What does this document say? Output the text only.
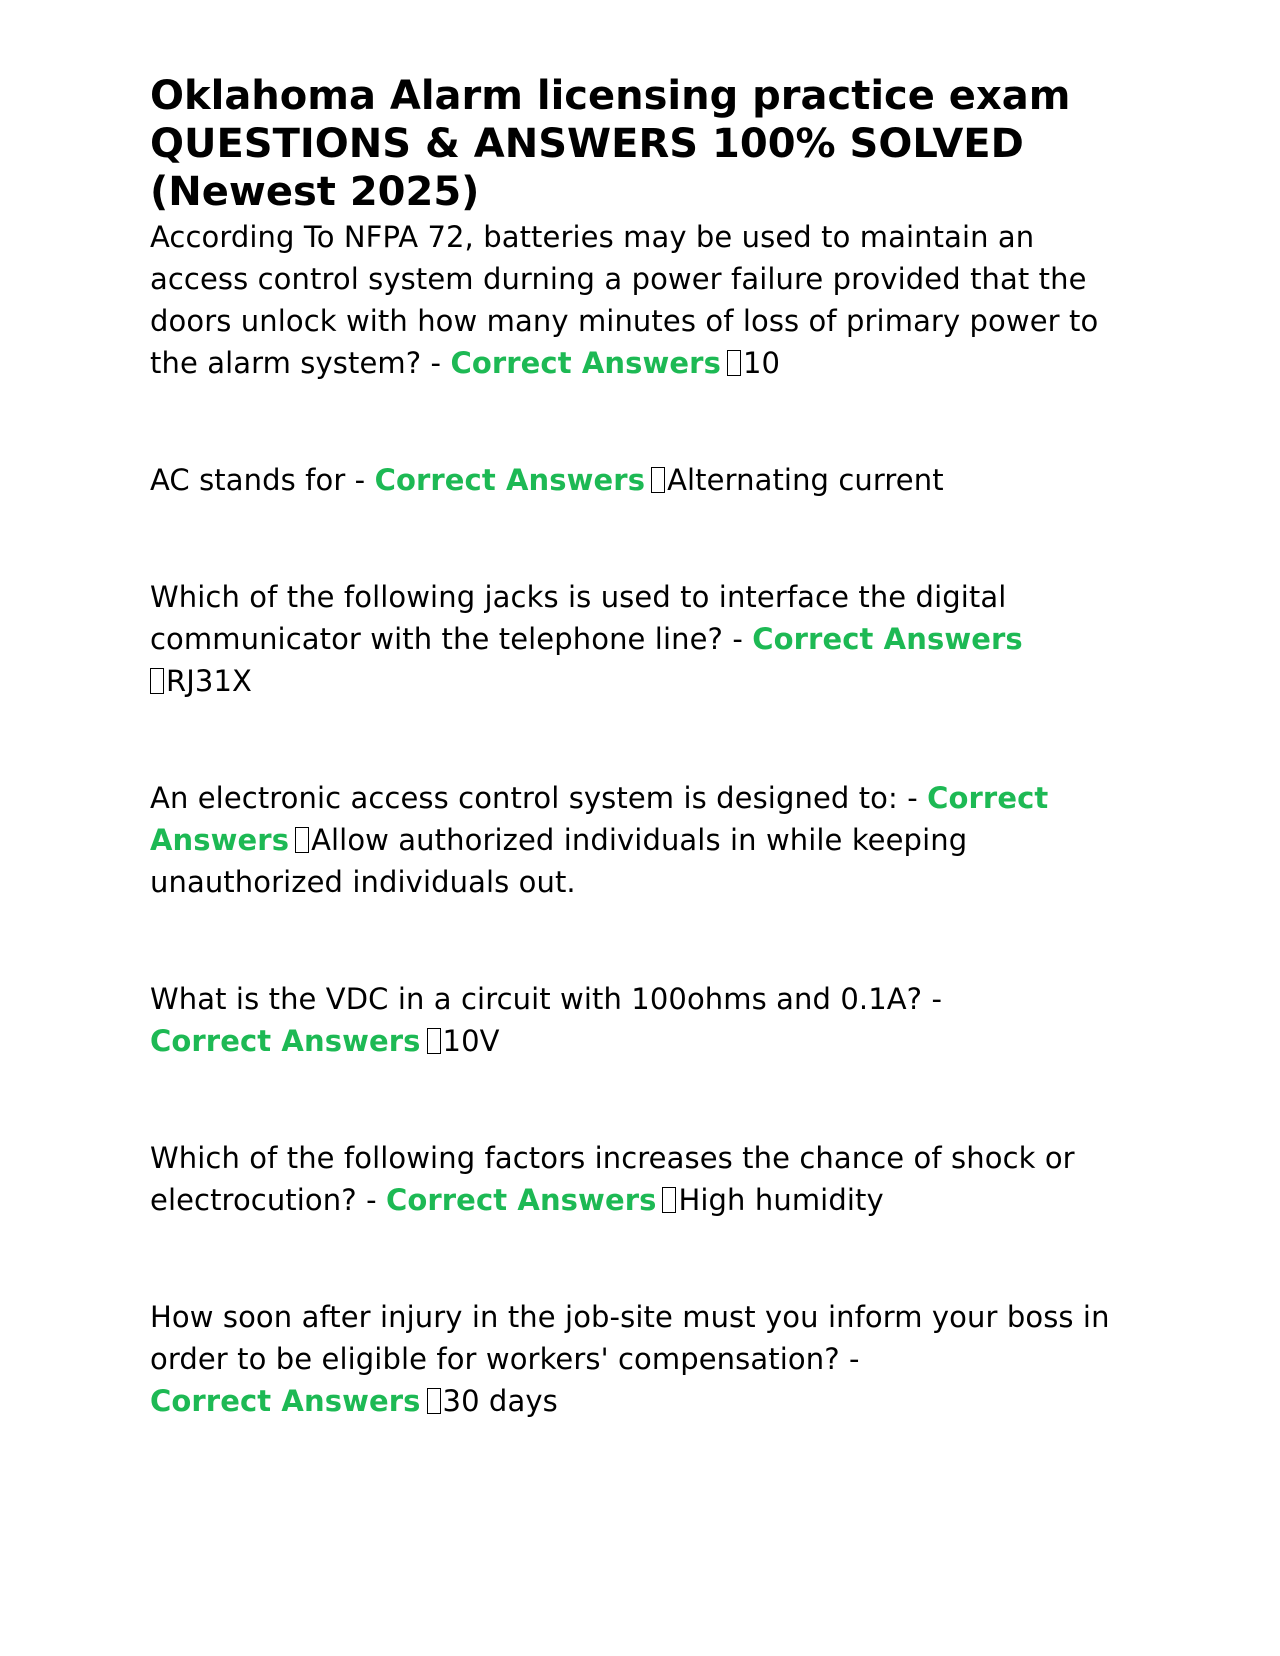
Oklahoma Alarm licensing practice exam QUESTIONS & ANSWERS 100% SOLVED (Newest 2025)

According To NFPA 72, batteries may be used to maintain an access control system durning a power failure provided that the doors unlock with how many minutes of loss of primary power to the alarm system? - Correct Answers 10

AC stands for - Correct Answers Alternating current

Which of the following jacks is used to interface the digital communicator with the telephone line? - Correct Answers
RJ31X

An electronic access control system is designed to: - Correct Answers Allow authorized individuals in while keeping unauthorized individuals out.

What is the VDC in a circuit with 100ohms and 0.1A? -
Correct Answers 10V

Which of the following factors increases the chance of shock or electrocution? - Correct Answers High humidity

How soon after injury in the job-site must you inform your boss in order to be eligible for workers' compensation? -
Correct Answers 30 days
